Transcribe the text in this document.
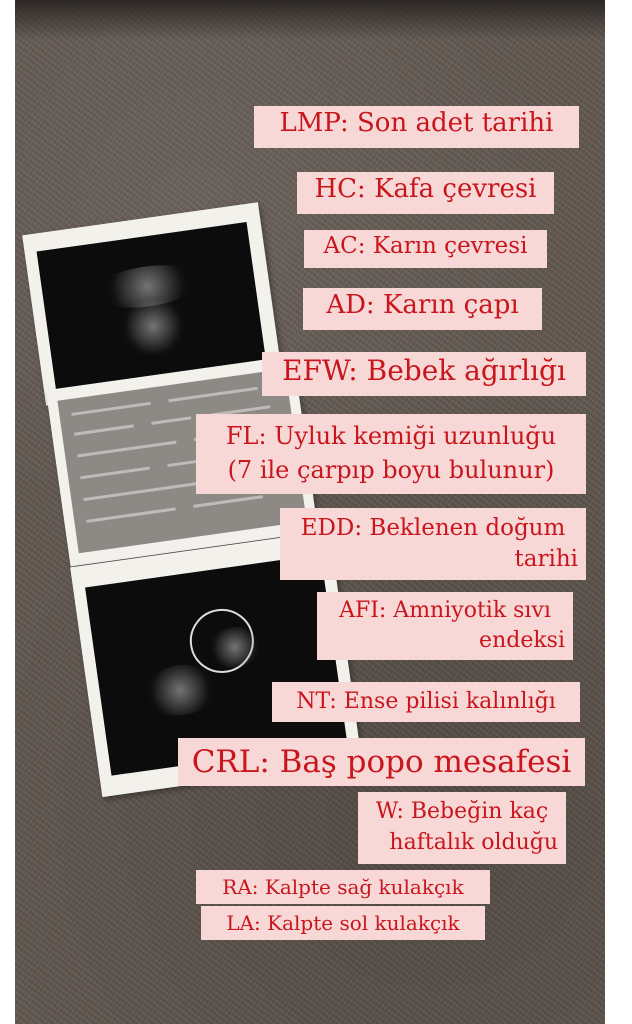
LMP: Son adet tarihi
HC: Kafa çevresi
AC: Karın çevresi
AD: Karın çapı
EFW: Bebek ağırlığı
FL: Uyluk kemiği uzunluğu
(7 ile çarpıp boyu bulunur)
EDD: Beklenen doğum
tarihi
AFI: Amniyotik sıvı
endeksi
NT: Ense pilisi kalınlığı
CRL: Baş popo mesafesi
W: Bebeğin kaç
haftalık olduğu
RA: Kalpte sağ kulakçık
LA: Kalpte sol kulakçık
